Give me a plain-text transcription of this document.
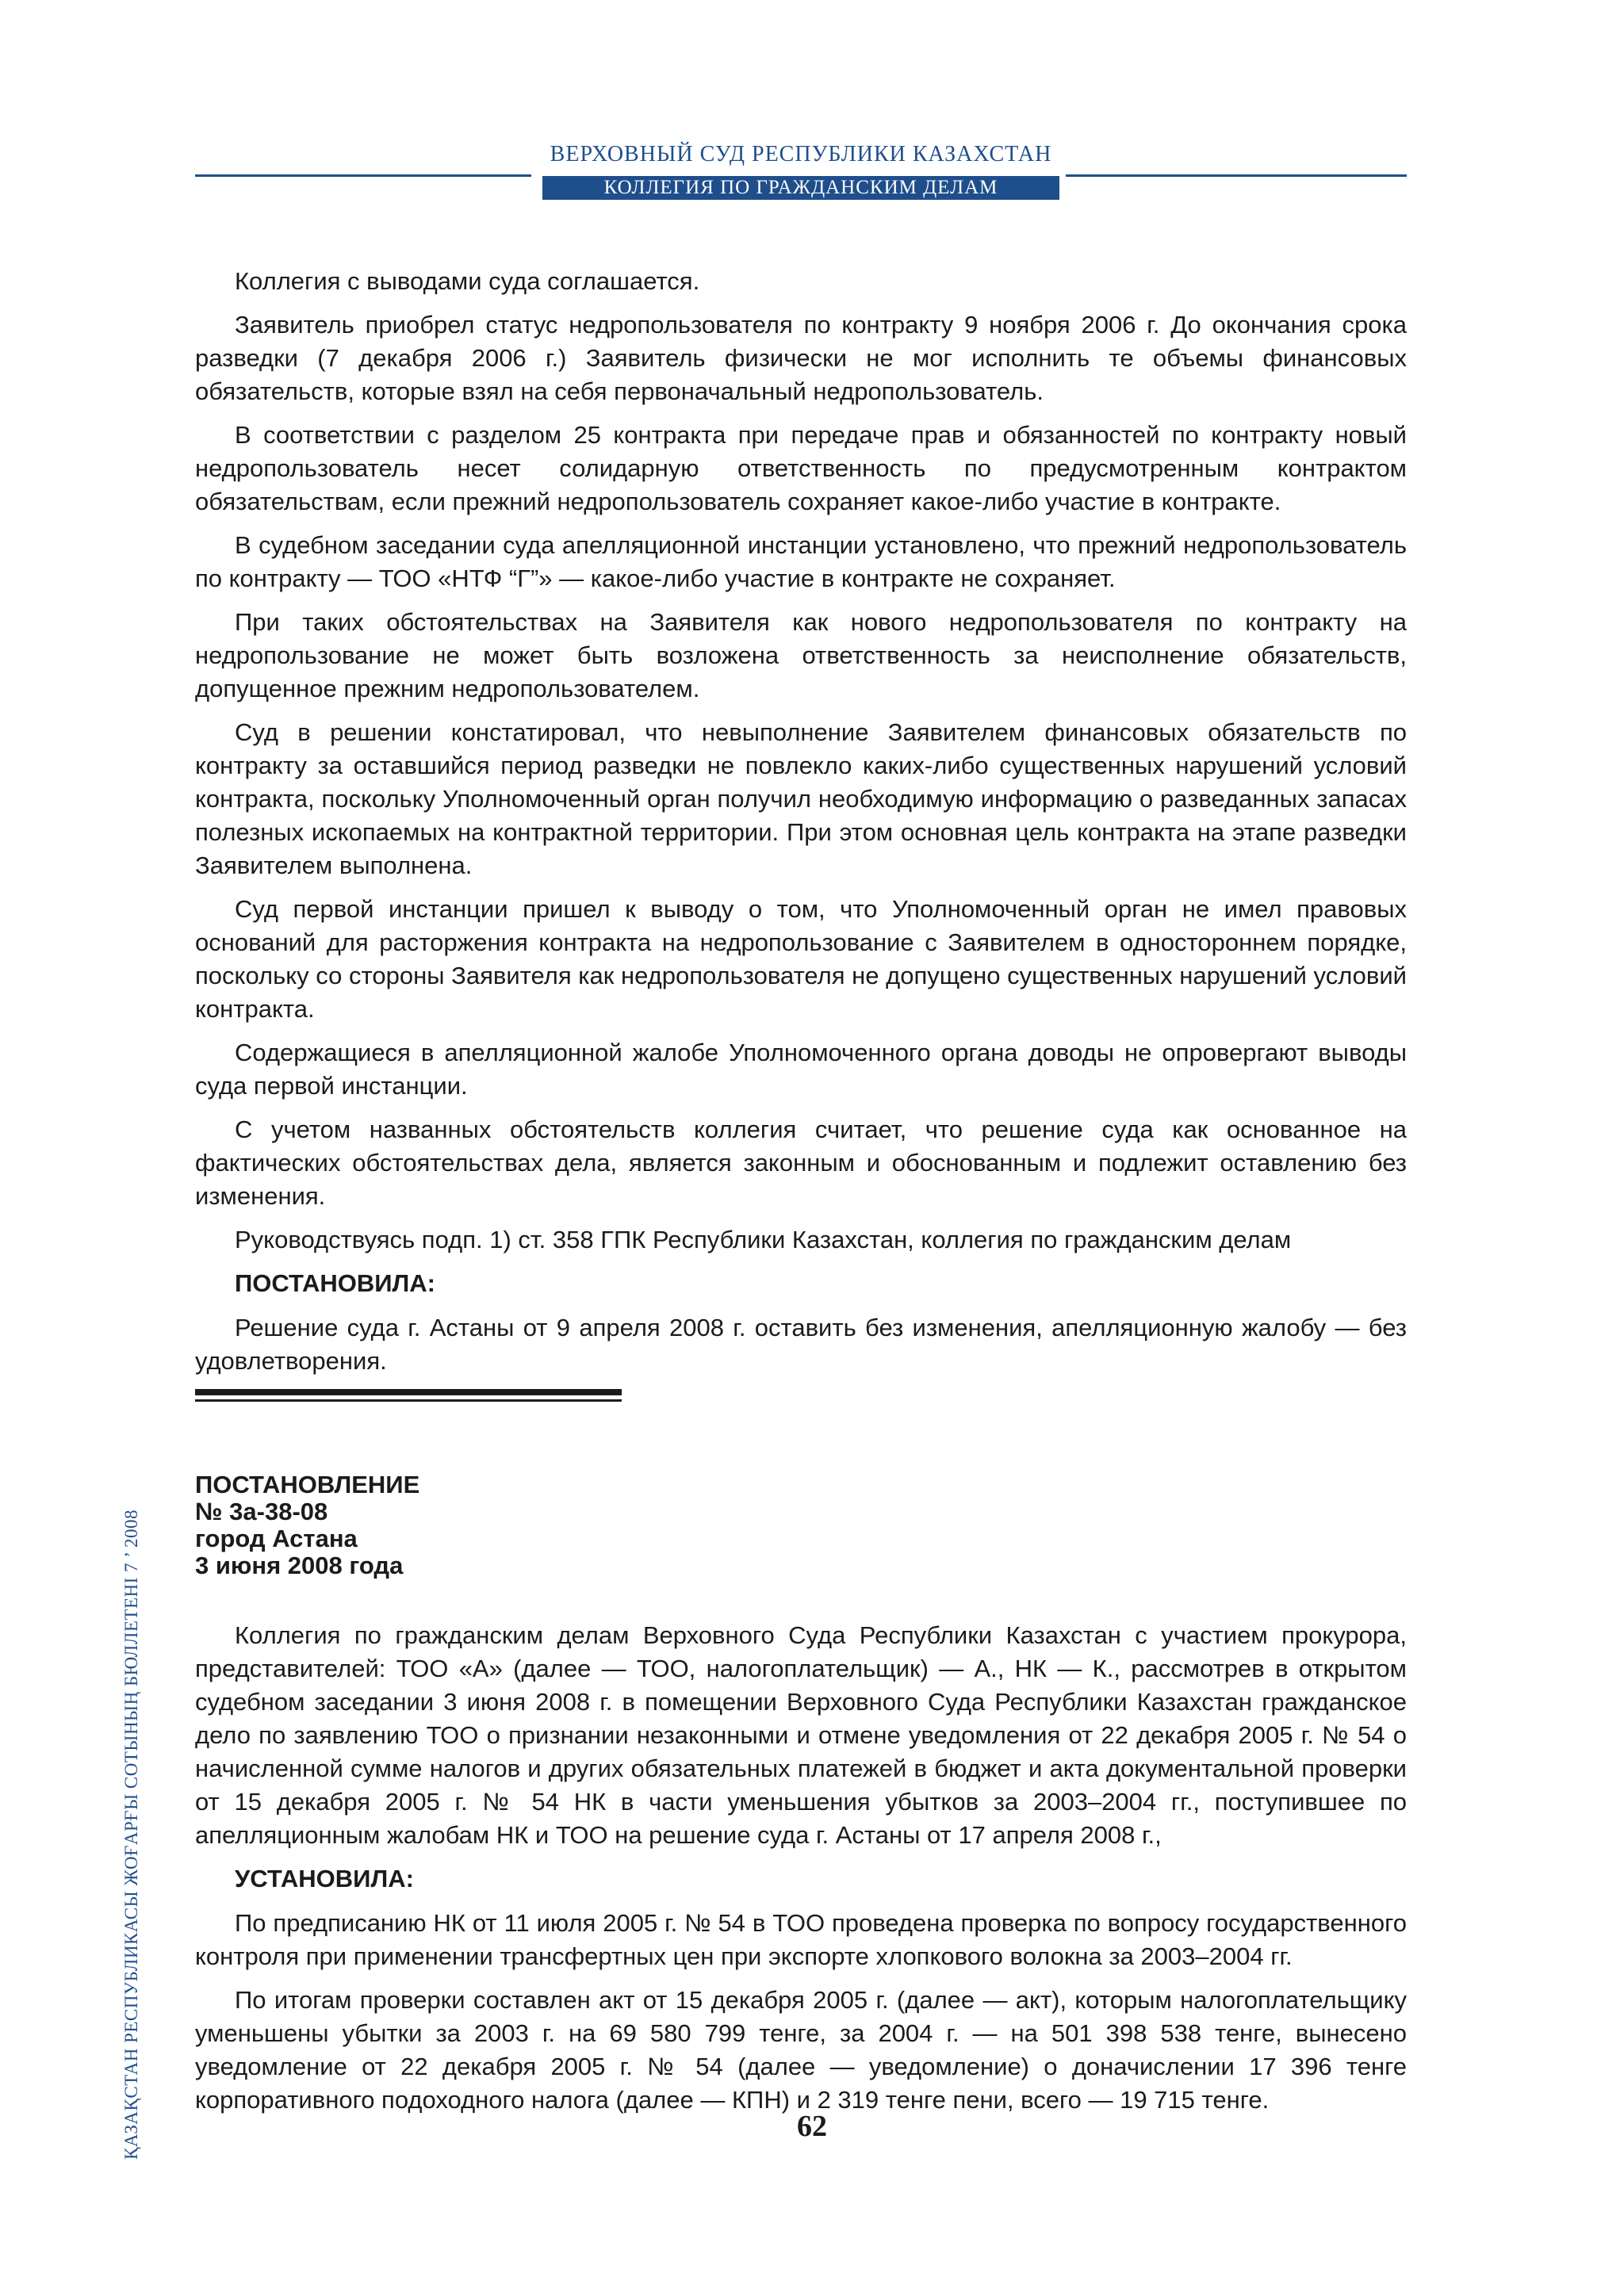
ВЕРХОВНЫЙ СУД РЕСПУБЛИКИ КАЗАХСТАН
КОЛЛЕГИЯ ПО ГРАЖДАНСКИМ ДЕЛАМ

Коллегия с выводами суда соглашается.

Заявитель приобрел статус недропользователя по контракту 9 ноября 2006 г. До окончания срока разведки (7 декабря 2006 г.) Заявитель физически не мог исполнить те объемы финансовых обязательств, которые взял на себя первоначальный недропользователь.

В соответствии с разделом 25 контракта при передаче прав и обязанностей по контракту новый недропользователь несет солидарную ответственность по предусмотренным контрактом обязательствам, если прежний недропользователь сохраняет какое-либо участие в контракте.

В судебном заседании суда апелляционной инстанции установлено, что прежний недропользователь по контракту — ТОО «НТФ “Г”» — какое-либо участие в контракте не сохраняет.

При таких обстоятельствах на Заявителя как нового недропользователя по контракту на недропользование не может быть возложена ответственность за неисполнение обязательств, допущенное прежним недропользователем.

Суд в решении констатировал, что невыполнение Заявителем финансовых обязательств по контракту за оставшийся период разведки не повлекло каких-либо существенных нарушений условий контракта, поскольку Уполномоченный орган получил необходимую информацию о разведанных запасах полезных ископаемых на контрактной территории. При этом основная цель контракта на этапе разведки Заявителем выполнена.

Суд первой инстанции пришел к выводу о том, что Уполномоченный орган не имел правовых оснований для расторжения контракта на недропользование с Заявителем в одностороннем порядке, поскольку со стороны Заявителя как недропользователя не допущено существенных нарушений условий контракта.

Содержащиеся в апелляционной жалобе Уполномоченного органа доводы не опровергают выводы суда первой инстанции.

С учетом названных обстоятельств коллегия считает, что решение суда как основанное на фактических обстоятельствах дела, является законным и обоснованным и подлежит оставлению без изменения.

Руководствуясь подп. 1) ст. 358 ГПК Республики Казахстан, коллегия по гражданским делам

ПОСТАНОВИЛА:

Решение суда г. Астаны от 9 апреля 2008 г. оставить без изменения, апелляционную жалобу — без удовлетворения.

ПОСТАНОВЛЕНИЕ
№ 3а-38-08
город Астана
3 июня 2008 года

Коллегия по гражданским делам Верховного Суда Республики Казахстан с участием прокурора, представителей: ТОО «А» (далее — ТОО, налогоплательщик) — А., НК — К., рассмотрев в открытом судебном заседании 3 июня 2008 г. в помещении Верховного Суда Республики Казахстан гражданское дело по заявлению ТОО о признании незаконными и отмене уведомления от 22 декабря 2005 г. № 54 о начисленной сумме налогов и других обязательных платежей в бюджет и акта документальной проверки от 15 декабря 2005 г. № 54 НК в части уменьшения убытков за 2003–2004 гг., поступившее по апелляционным жалобам НК и ТОО на решение суда г. Астаны от 17 апреля 2008 г.,

УСТАНОВИЛА:

По предписанию НК от 11 июля 2005 г. № 54 в ТОО проведена проверка по вопросу государственного контроля при применении трансфертных цен при экспорте хлопкового волокна за 2003–2004 гг.

По итогам проверки составлен акт от 15 декабря 2005 г. (далее — акт), которым налогоплательщику уменьшены убытки за 2003 г. на 69 580 799 тенге, за 2004 г. — на 501 398 538 тенге, вынесено уведомление от 22 декабря 2005 г. № 54 (далее — уведомление) о доначислении 17 396 тенге корпоративного подоходного налога (далее — КПН) и 2 319 тенге пени, всего — 19 715 тенге.

ҚАЗАҚСТАН РЕСПУБЛИКАСЫ ЖОҒАРҒЫ СОТЫНЫҢ БЮЛЛЕТЕНІ 7 ’ 2008	62
